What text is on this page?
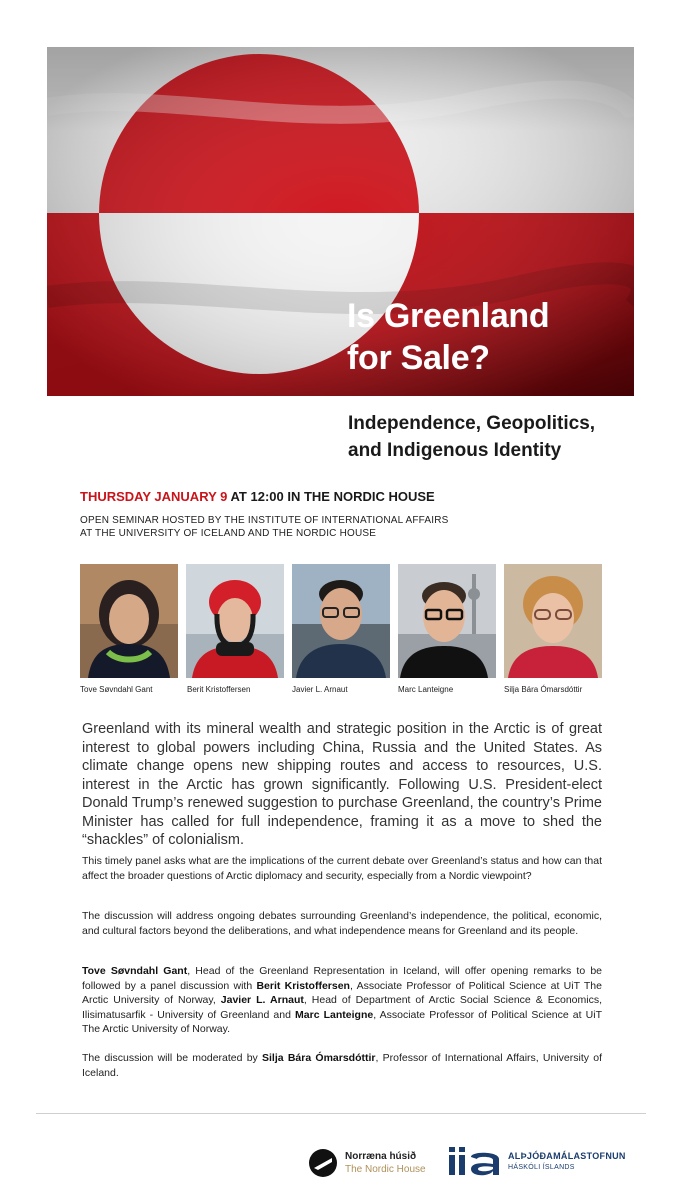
Is Greenland
for Sale?
Independence, Geopolitics,
and Indigenous Identity
THURSDAY JANUARY 9 AT 12:00 IN THE NORDIC HOUSE
OPEN SEMINAR HOSTED BY THE INSTITUTE OF INTERNATIONAL AFFAIRS
AT THE UNIVERSITY OF ICELAND AND THE NORDIC HOUSE
Tove Søvndahl Gant	Berit Kristoffersen	Javier L. Arnaut	Marc Lanteigne	Silja Bára Ómarsdóttir
Greenland with its mineral wealth and strategic position in the Arctic is of great interest to global powers including China, Russia and the United States. As climate change opens new shipping routes and access to resources, U.S. interest in the Arctic has grown significantly. Following U.S. President-elect Donald Trump’s renewed suggestion to purchase Greenland, the country’s Prime Minister has called for full independence, framing it as a move to shed the “shackles” of colonialism.
This timely panel asks what are the implications of the current debate over Greenland’s status and how can that affect the broader questions of Arctic diplomacy and security, especially from a Nordic viewpoint?
The discussion will address ongoing debates surrounding Greenland’s independence, the political, economic, and cultural factors beyond the deliberations, and what independence means for Greenland and its people.
Tove Søvndahl Gant, Head of the Greenland Representation in Iceland, will offer opening remarks to be followed by a panel discussion with Berit Kristoffersen, Associate Professor of Political Science at UiT The Arctic University of Norway, Javier L. Arnaut, Head of Department of Arctic Social Science & Economics, Ilisimatusarfik - University of Greenland and Marc Lanteigne, Associate Professor of Political Science at UiT The Arctic University of Norway.
The discussion will be moderated by Silja Bára Ómarsdóttir, Professor of International Affairs, University of Iceland.
Norræna húsið
The Nordic House
ALÞJÓÐAMÁLASTOFNUN
HÁSKÓLI ÍSLANDS
